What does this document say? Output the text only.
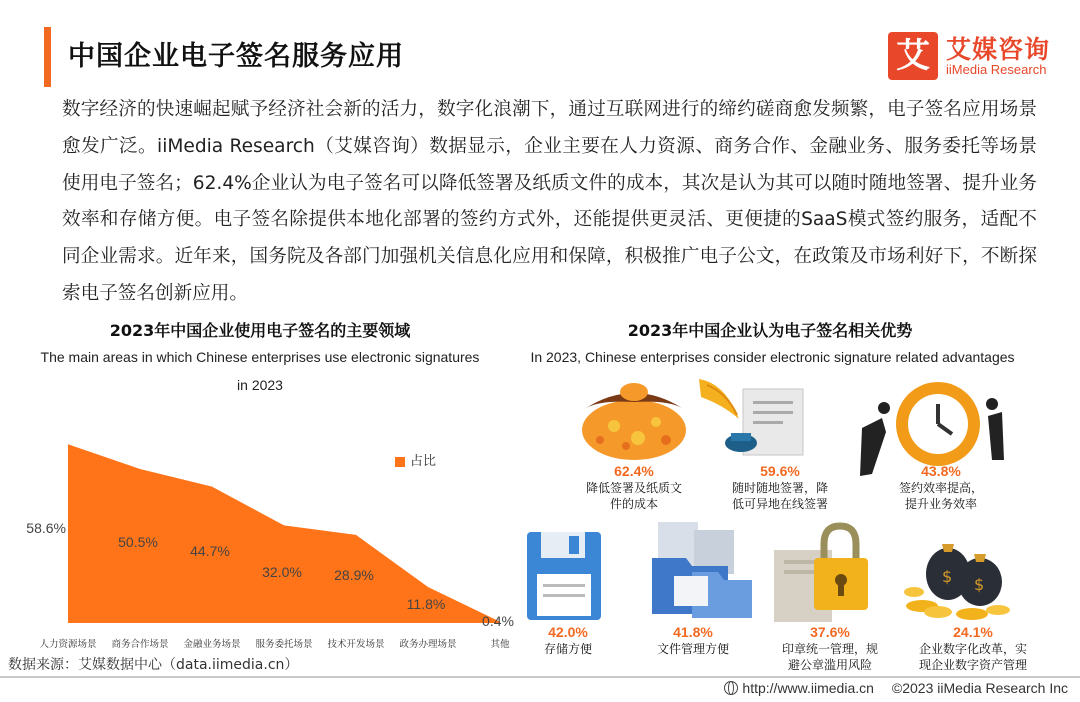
中国企业电子签名服务应用	艾 艾媒咨询
iiMedia Research
数字经济的快速崛起赋予经济社会新的活力，数字化浪潮下，通过互联网进行的缔约磋商愈发频繁，电子签名应用场景愈发广泛。iiMedia Research（艾媒咨询）数据显示，企业主要在人力资源、商务合作、金融业务、服务委托等场景使用电子签名；62.4%企业认为电子签名可以降低签署及纸质文件的成本，其次是认为其可以随时随地签署、提升业务效率和存储方便。电子签名除提供本地化部署的签约方式外，还能提供更灵活、更便捷的SaaS模式签约服务，适配不同企业需求。近年来，国务院及各部门加强机关信息化应用和保障，积极推广电子公文，在政策及市场利好下，不断探索电子签名创新应用。
2023年中国企业使用电子签名的主要领域
The main areas in which Chinese enterprises use electronic signatures in 2023
58.6%
人力资源场景
50.5%
商务合作场景
44.7%
金融业务场景
32.0%
服务委托场景
28.9%
技术开发场景
11.8%
政务办理场景
0.4%
其他
占比
2023年中国企业认为电子签名相关优势
In 2023, Chinese enterprises consider electronic signature related advantages
$ $
62.4%
降低签署及纸质文件的成本
59.6%
随时随地签署，降低可异地在线签署
43.8%
签约效率提高，提升业务效率
42.0%
存储方便
41.8%
文件管理方便
37.6%
印章统一管理，规避公章滥用风险
24.1%
企业数字化改革，实现企业数字资产管理
数据来源：艾媒数据中心（data.iimedia.cn）
http://www.iimedia.cn ©2023 iiMedia Research Inc
